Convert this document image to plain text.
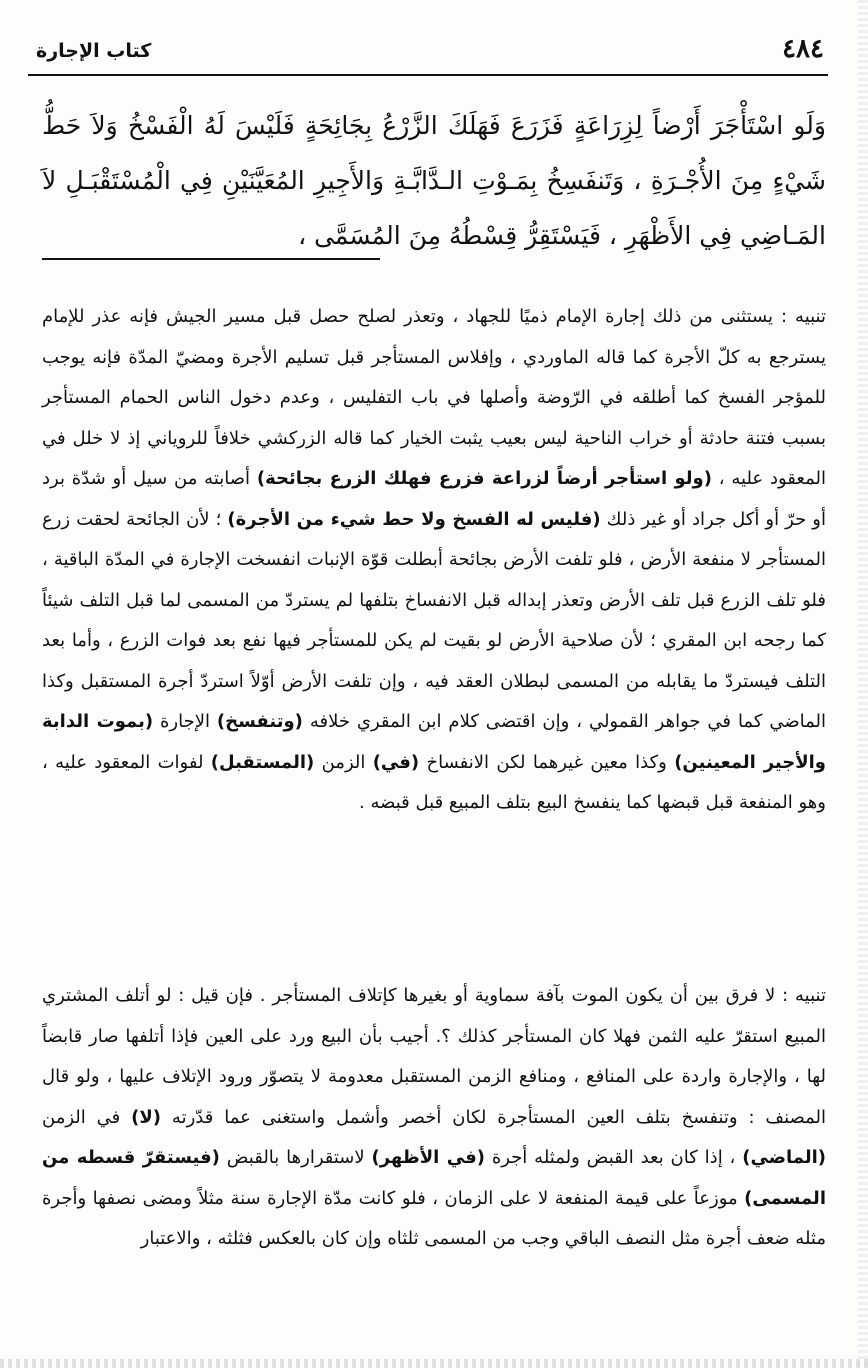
٤٨٤
كتاب الإجارة
وَلَو اسْتَأْجَرَ أَرْضاً لِزِرَاعَةٍ فَزَرَعَ فَهَلَكَ الزَّرْعُ بِجَائِحَةٍ فَلَيْسَ لَهُ الْفَسْخُ وَلاَ حَطُّ شَيْءٍ مِنَ الأُجْـرَةِ ، وَتَنفَسِخُ بِمَـوْتِ الـدَّابَّـةِ وَالأَجِيرِ المُعَيَّنَيْنِ فِي الْمُسْتَقْبَـلِ لاَ المَـاضِي فِي الأَظْهَرِ ، فَيَسْتَقِرُّ قِسْطُهُ مِنَ المُسَمَّى ،

تنبيه : يستثنى من ذلك إجارة الإمام ذميًا للجهاد ، وتعذر لصلح حصل قبل مسير الجيش فإنه عذر للإمام يسترجع به كلّ الأجرة كما قاله الماوردي ، وإفلاس المستأجر قبل تسليم الأجرة ومضيّ المدّة فإنه يوجب للمؤجر الفسخ كما أطلقه في الرّوضة وأصلها في باب التفليس ، وعدم دخول الناس الحمام المستأجر بسبب فتنة حادثة أو خراب الناحية ليس بعيب يثبت الخيار كما قاله الزركشي خلافاً للروياني إذ لا خلل في المعقود عليه ، (ولو استأجر أرضاً لزراعة فزرع فهلك الزرع بجائحة) أصابته من سيل أو شدّة برد أو حرّ أو أكل جراد أو غير ذلك (فليس له الفسخ ولا حط شيء من الأجرة) ؛ لأن الجائحة لحقت زرع المستأجر لا منفعة الأرض ، فلو تلفت الأرض بجائحة أبطلت قوّة الإنبات انفسخت الإجارة في المدّة الباقية ، فلو تلف الزرع قبل تلف الأرض وتعذر إبداله قبل الانفساخ بتلفها لم يستردّ من المسمى لما قبل التلف شيئاً كما رجحه ابن المقري ؛ لأن صلاحية الأرض لو بقيت لم يكن للمستأجر فيها نفع بعد فوات الزرع ، وأما بعد التلف فيستردّ ما يقابله من المسمى لبطلان العقد فيه ، وإن تلفت الأرض أوّلاً استردّ أجرة المستقبل وكذا الماضي كما في جواهر القمولي ، وإن اقتضى كلام ابن المقري خلافه (وتنفسخ) الإجارة (بموت الدابة والأجير المعينين) وكذا معين غيرهما لكن الانفساخ (في) الزمن (المستقبل) لفوات المعقود عليه ، وهو المنفعة قبل قبضها كما ينفسخ البيع بتلف المبيع قبل قبضه .

تنبيه : لا فرق بين أن يكون الموت بآفة سماوية أو بغيرها كإتلاف المستأجر . فإن قيل : لو أتلف المشتري المبيع استقرّ عليه الثمن فهلا كان المستأجر كذلك ؟. أجيب بأن البيع ورد على العين فإذا أتلفها صار قابضاً لها ، والإجارة واردة على المنافع ، ومنافع الزمن المستقبل معدومة لا يتصوّر ورود الإتلاف عليها ، ولو قال المصنف : وتنفسخ بتلف العين المستأجرة لكان أخصر وأشمل واستغنى عما قدّرته (لا) في الزمن (الماضي) ، إذا كان بعد القبض ولمثله أجرة (في الأظهر) لاستقرارها بالقبض (فيستقرّ قسطه من المسمى) موزعاً على قيمة المنفعة لا على الزمان ، فلو كانت مدّة الإجارة سنة مثلاً ومضى نصفها وأجرة مثله ضعف أجرة مثل النصف الباقي وجب من المسمى ثلثاه وإن كان بالعكس فثلثه ، والاعتبار
